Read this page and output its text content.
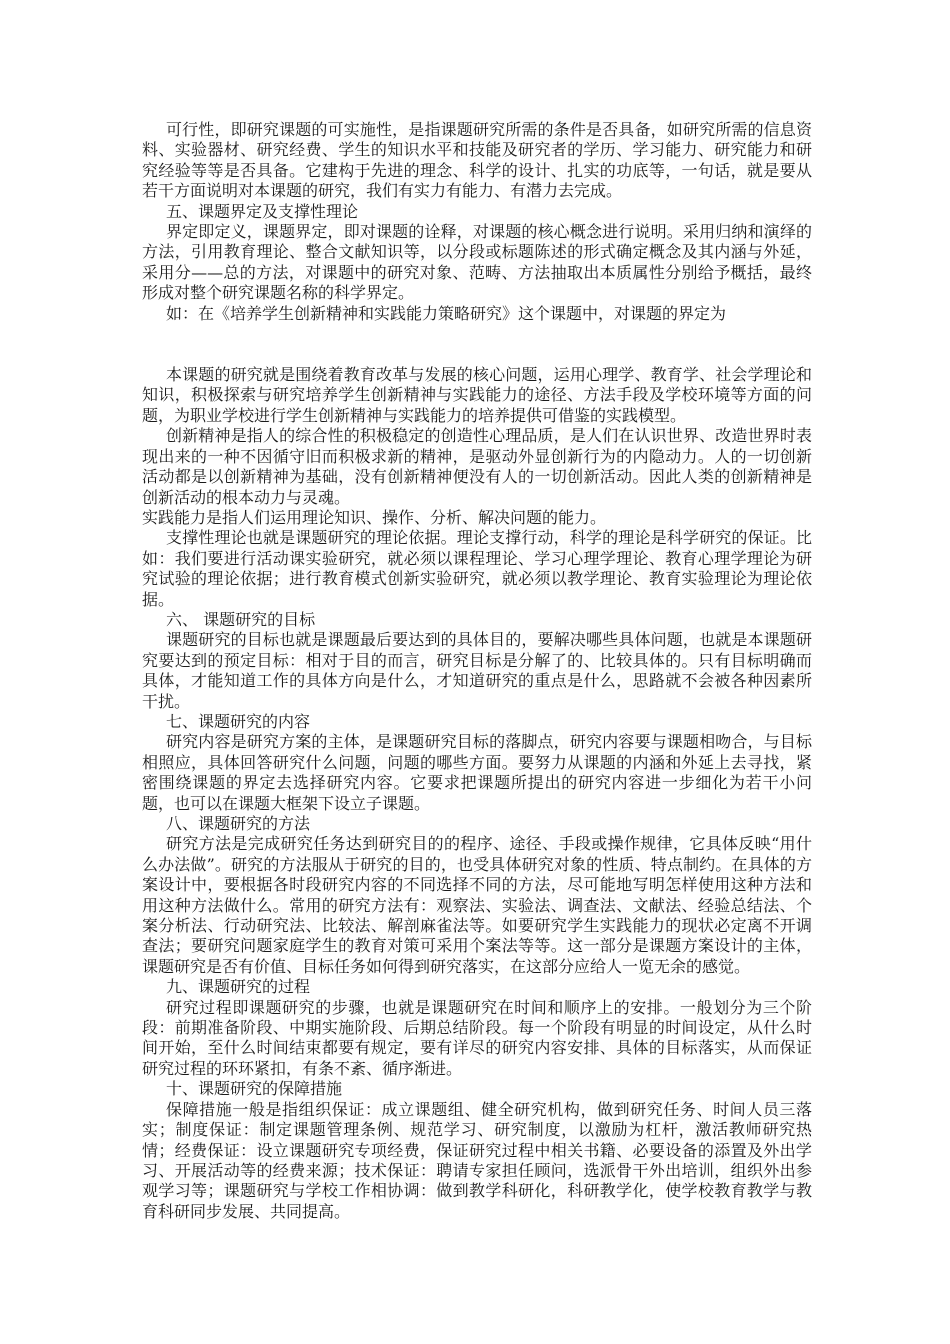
可行性，即研究课题的可实施性，是指课题研究所需的条件是否具备，如研究所需的信息资料、实验器材、研究经费、学生的知识水平和技能及研究者的学历、学习能力、研究能力和研究经验等等是否具备。它建构于先进的理念、科学的设计、扎实的功底等，一句话，就是要从若干方面说明对本课题的研究，我们有实力有能力、有潜力去完成。

五、课题界定及支撑性理论

界定即定义，课题界定，即对课题的诠释，对课题的核心概念进行说明。采用归纳和演绎的方法，引用教育理论、整合文献知识等，以分段或标题陈述的形式确定概念及其内涵与外延，采用分——总的方法，对课题中的研究对象、范畴、方法抽取出本质属性分别给予概括，最终形成对整个研究课题名称的科学界定。

如：在《培养学生创新精神和实践能力策略研究》这个课题中，对课题的界定为

本课题的研究就是围绕着教育改革与发展的核心问题，运用心理学、教育学、社会学理论和知识，积极探索与研究培养学生创新精神与实践能力的途径、方法手段及学校环境等方面的问题，为职业学校进行学生创新精神与实践能力的培养提供可借鉴的实践模型。

创新精神是指人的综合性的积极稳定的创造性心理品质，是人们在认识世界、改造世界时表现出来的一种不因循守旧而积极求新的精神，是驱动外显创新行为的内隐动力。人的一切创新活动都是以创新精神为基础，没有创新精神便没有人的一切创新活动。因此人类的创新精神是创新活动的根本动力与灵魂。

实践能力是指人们运用理论知识、操作、分析、解决问题的能力。

支撑性理论也就是课题研究的理论依据。理论支撑行动，科学的理论是科学研究的保证。比如：我们要进行活动课实验研究，就必须以课程理论、学习心理学理论、教育心理学理论为研究试验的理论依据；进行教育模式创新实验研究，就必须以教学理论、教育实验理论为理论依据。

六、 课题研究的目标

课题研究的目标也就是课题最后要达到的具体目的，要解决哪些具体问题，也就是本课题研究要达到的预定目标：相对于目的而言，研究目标是分解了的、比较具体的。只有目标明确而具体，才能知道工作的具体方向是什么，才知道研究的重点是什么，思路就不会被各种因素所干扰。

七、课题研究的内容

研究内容是研究方案的主体，是课题研究目标的落脚点，研究内容要与课题相吻合，与目标相照应，具体回答研究什么问题，问题的哪些方面。要努力从课题的内涵和外延上去寻找，紧密围绕课题的界定去选择研究内容。它要求把课题所提出的研究内容进一步细化为若干小问题，也可以在课题大框架下设立子课题。

八、课题研究的方法

研究方法是完成研究任务达到研究目的的程序、途径、手段或操作规律，它具体反映“用什么办法做”。研究的方法服从于研究的目的，也受具体研究对象的性质、特点制约。在具体的方案设计中，要根据各时段研究内容的不同选择不同的方法，尽可能地写明怎样使用这种方法和用这种方法做什么。常用的研究方法有：观察法、实验法、调查法、文献法、经验总结法、个案分析法、行动研究法、比较法、解剖麻雀法等。如要研究学生实践能力的现状必定离不开调查法；要研究问题家庭学生的教育对策可采用个案法等等。这一部分是课题方案设计的主体，课题研究是否有价值、目标任务如何得到研究落实，在这部分应给人一览无余的感觉。

九、课题研究的过程

研究过程即课题研究的步骤，也就是课题研究在时间和顺序上的安排。一般划分为三个阶段：前期准备阶段、中期实施阶段、后期总结阶段。每一个阶段有明显的时间设定，从什么时间开始，至什么时间结束都要有规定，要有详尽的研究内容安排、具体的目标落实，从而保证研究过程的环环紧扣，有条不紊、循序渐进。

十、课题研究的保障措施

保障措施一般是指组织保证：成立课题组、健全研究机构，做到研究任务、时间人员三落实；制度保证：制定课题管理条例、规范学习、研究制度，以激励为杠杆，激活教师研究热情；经费保证：设立课题研究专项经费，保证研究过程中相关书籍、必要设备的添置及外出学习、开展活动等的经费来源；技术保证：聘请专家担任顾问，选派骨干外出培训，组织外出参观学习等；课题研究与学校工作相协调：做到教学科研化，科研教学化，使学校教育教学与教育科研同步发展、共同提高。
